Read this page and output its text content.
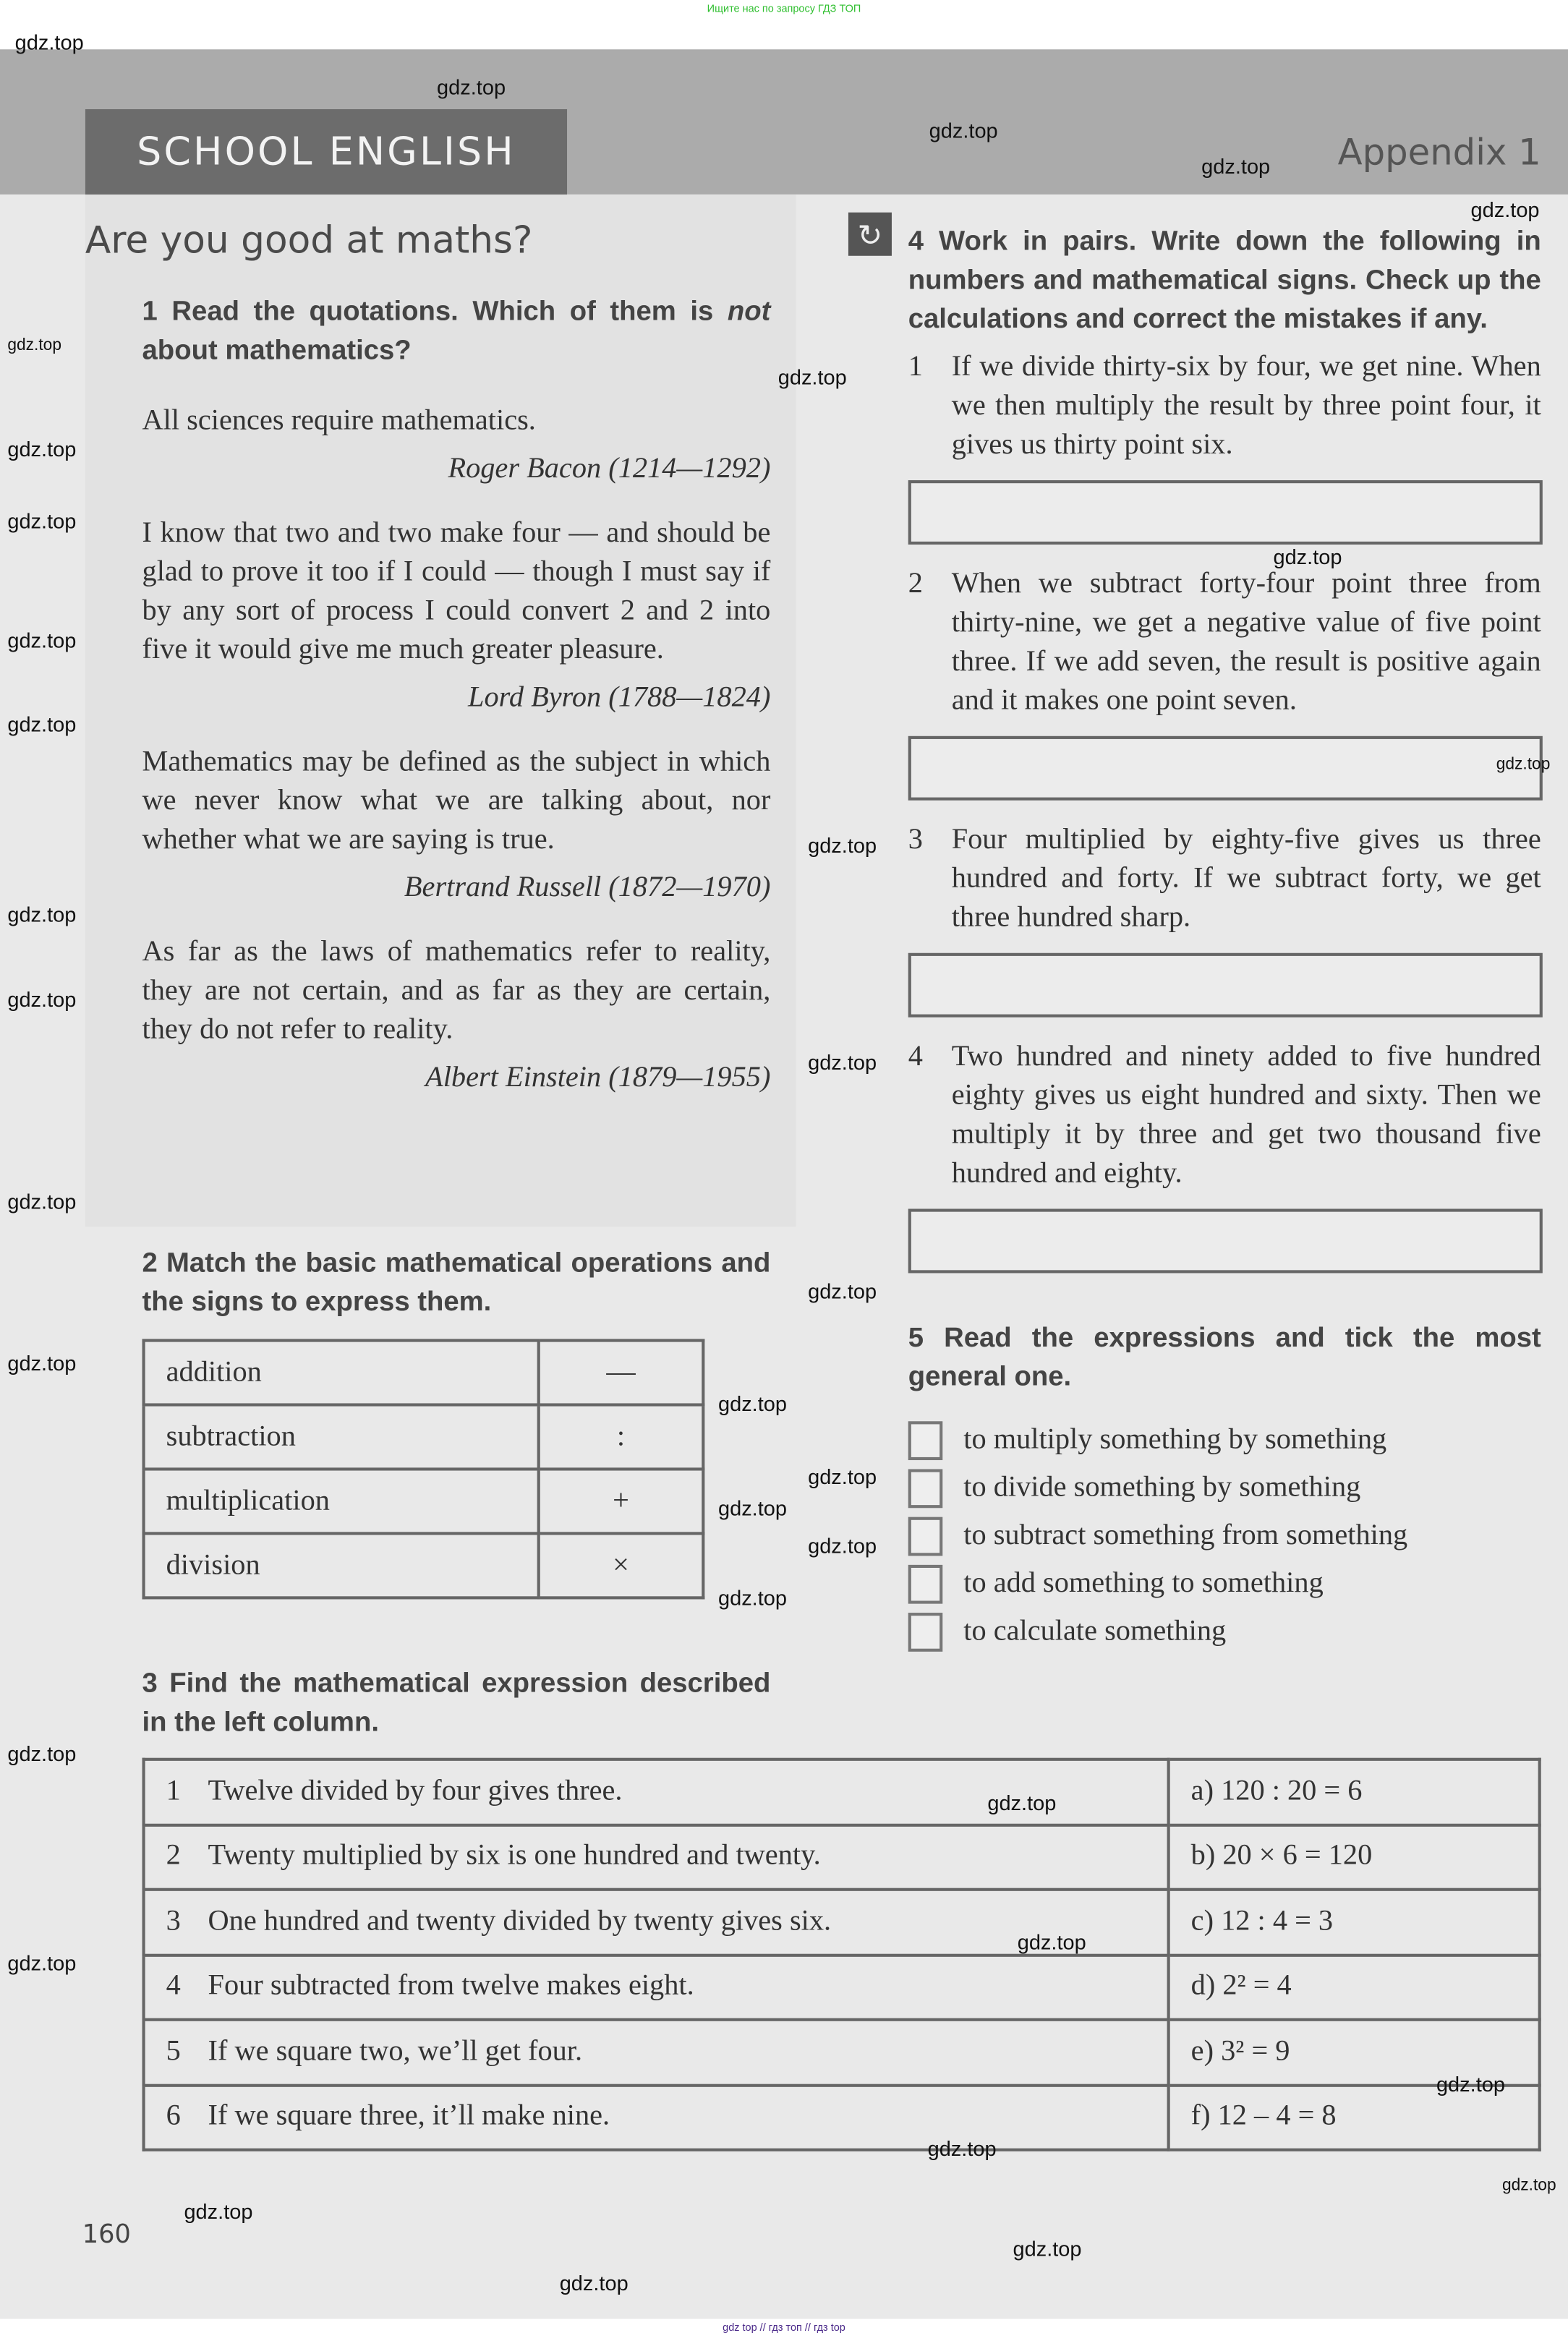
Ищите нас по запросу ГДЗ ТОП
SCHOOL ENGLISH	Appendix 1
Are you good at maths?
1 Read the quotations. Which of them is not about mathematics?
All sciences require mathematics.
Roger Bacon (1214—1292)
I know that two and two make four — and should be glad to prove it too if I could — though I must say if by any sort of process I could convert 2 and 2 into five it would give me much greater pleasure.
Lord Byron (1788—1824)
Mathematics may be defined as the subject in which we never know what we are talking about, nor whether what we are saying is true.
Bertrand Russell (1872—1970)
As far as the laws of mathematics refer to reality, they are not certain, and as far as they are certain, they do not refer to reality.
Albert Einstein (1879—1955)
2 Match the basic mathematical operations and the signs to express them.
addition	—
subtraction	:
multiplication	+
division	×
3 Find the mathematical expression described in the left column.
1 Twelve divided by four gives three.	a) 120 : 20 = 6
2 Twenty multiplied by six is one hundred and twenty.	b) 20 × 6 = 120
3 One hundred and twenty divided by twenty gives six.	c) 12 : 4 = 3
4 Four subtracted from twelve makes eight.	d) 2² = 4
5 If we square two, we’ll get four.	e) 3² = 9
6 If we square three, it’ll make nine.	f) 12 – 4 = 8
↻	4 Work in pairs. Write down the following in numbers and mathematical signs. Check up the calculations and correct the mistakes if any.
1 If we divide thirty-six by four, we get nine. When we then multiply the result by three point four, it gives us thirty point six.
2 When we subtract forty-four point three from thirty-nine, we get a negative value of five point three. If we add seven, the result is positive again and it makes one point seven.
3 Four multiplied by eighty-five gives us three hundred and forty. If we subtract forty, we get three hundred sharp.
4 Two hundred and ninety added to five hundred eighty gives us eight hundred and sixty. Then we multiply it by three and get two thousand five hundred and eighty.
5 Read the expressions and tick the most general one.
to multiply something by something
to divide something by something
to subtract something from something
to add something to something
to calculate something
160
gdz top // гдз топ // гдз top
gdz.top
gdz.top
gdz.top
gdz.top
gdz.top
gdz.top
gdz.top
gdz.top
gdz.top
gdz.top
gdz.top
gdz.top
gdz.top
gdz.top
gdz.top
gdz.top
gdz.top
gdz.top
gdz.top
gdz.top
gdz.top
gdz.top
gdz.top
gdz.top
gdz.top
gdz.top
gdz.top
gdz.top
gdz.top
gdz.top
gdz.top
gdz.top
gdz.top
gdz.top
gdz.top
